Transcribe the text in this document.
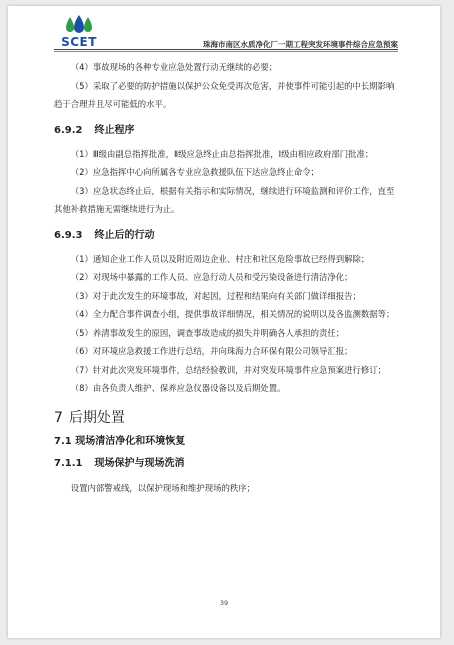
SCET	珠海市南区水质净化厂一期工程突发环境事件综合应急预案

（4）事故现场的各种专业应急处置行动无继续的必要；

（5）采取了必要的防护措施以保护公众免受再次危害，并使事件可能引起的中长期影响趋于合理并且尽可能低的水平。

6.9.2 终止程序

（1）Ⅲ级由副总指挥批准，Ⅱ级应急终止由总指挥批准，Ⅰ级由相应政府部门批准；

（2）应急指挥中心向所属各专业应急救援队伍下达应急终止命令；

（3）应急状态终止后，根据有关指示和实际情况，继续进行环境监测和评价工作，直至其他补救措施无需继续进行为止。

6.9.3 终止后的行动

（1）通知企业工作人员以及附近周边企业、村庄和社区危险事故已经得到解除；

（2）对现场中暴露的工作人员、应急行动人员和受污染设备进行清洁净化；

（3）对于此次发生的环境事故，对起因，过程和结果向有关部门做详细报告；

（4）全力配合事件调查小组，提供事故详细情况，相关情况的说明以及各监测数据等；

（5）养清事故发生的原因，调查事故造成的损失并明确各人承担的责任；

（6）对环境应急救援工作进行总结，并向珠海力合环保有限公司领导汇报；

（7）针对此次突发环境事件，总结经验教训，并对突发环境事件应急预案进行修订；

（8）由各负责人维护、保养应急仪器设备以及后期处置。

7 后期处置
7.1 现场清洁净化和环境恢复
7.1.1 现场保护与现场洗消

设置内部警戒线，以保护现场和维护现场的秩序；

39
